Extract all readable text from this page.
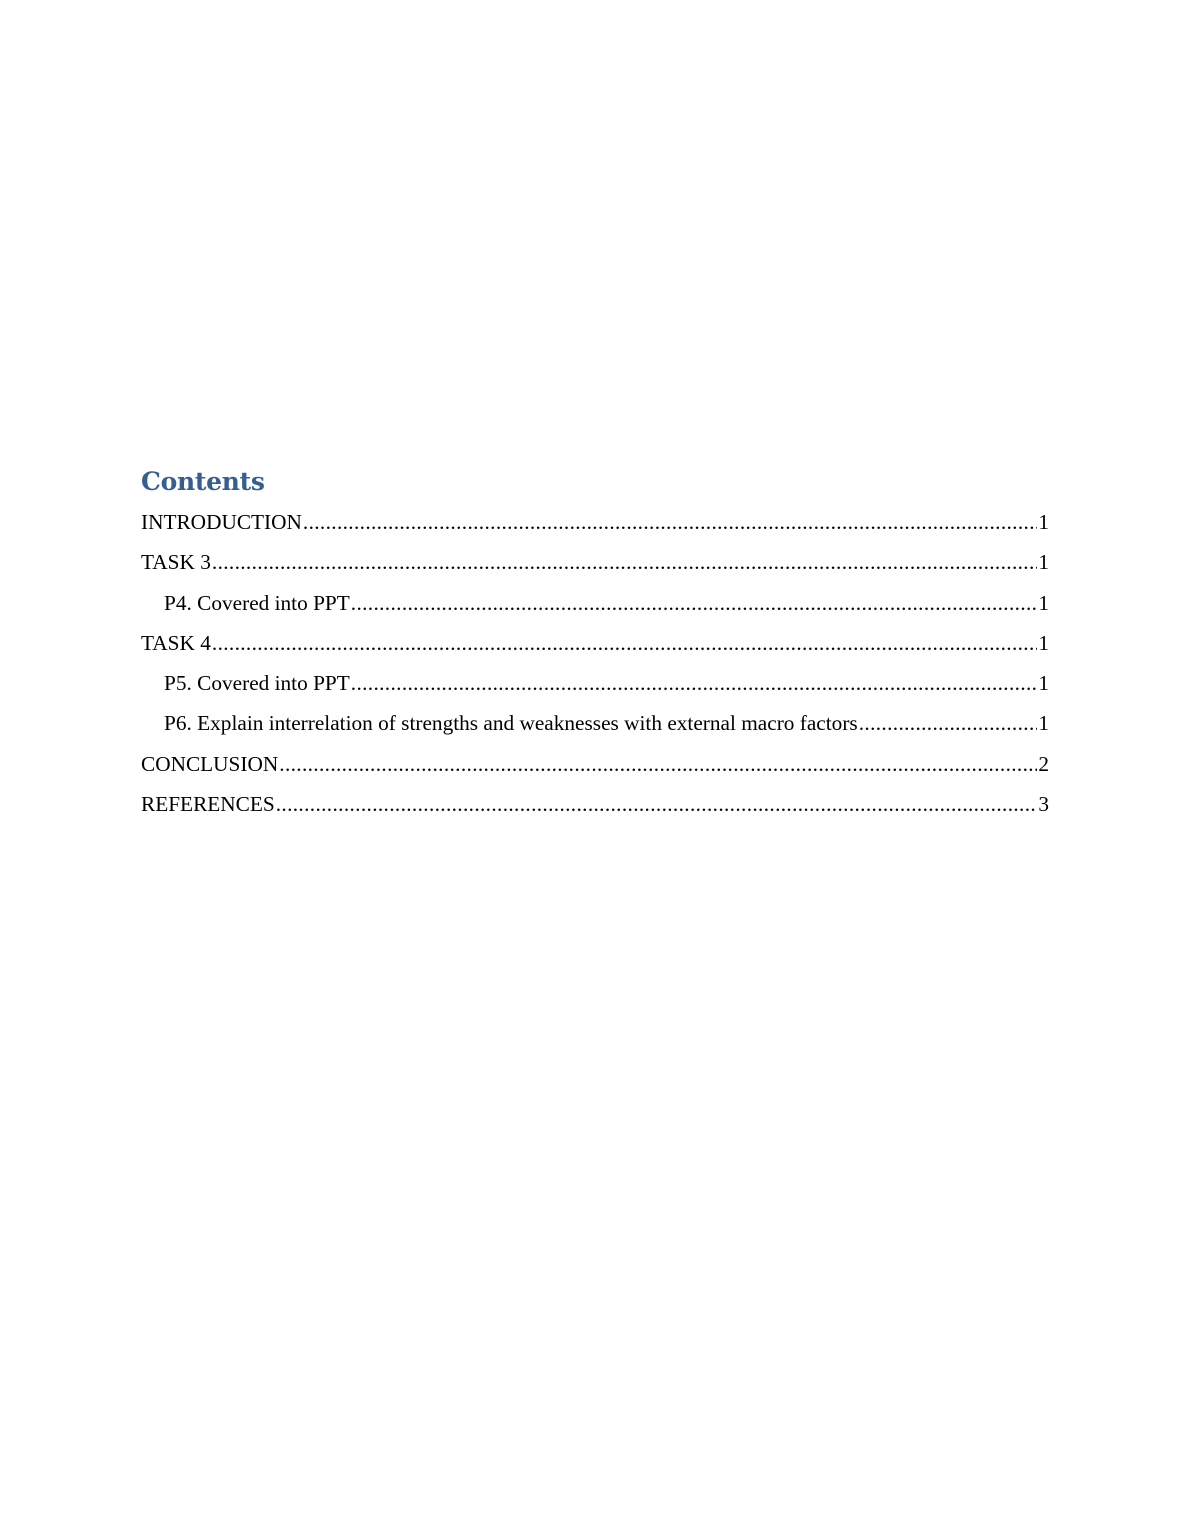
Contents
INTRODUCTION .....	1
TASK 3 .....	1
P4. Covered into PPT .....	1
TASK 4 .....	1
P5. Covered into PPT .....	1
P6. Explain interrelation of strengths and weaknesses with external macro factors .....	1
CONCLUSION .....	2
REFERENCES .....	3
